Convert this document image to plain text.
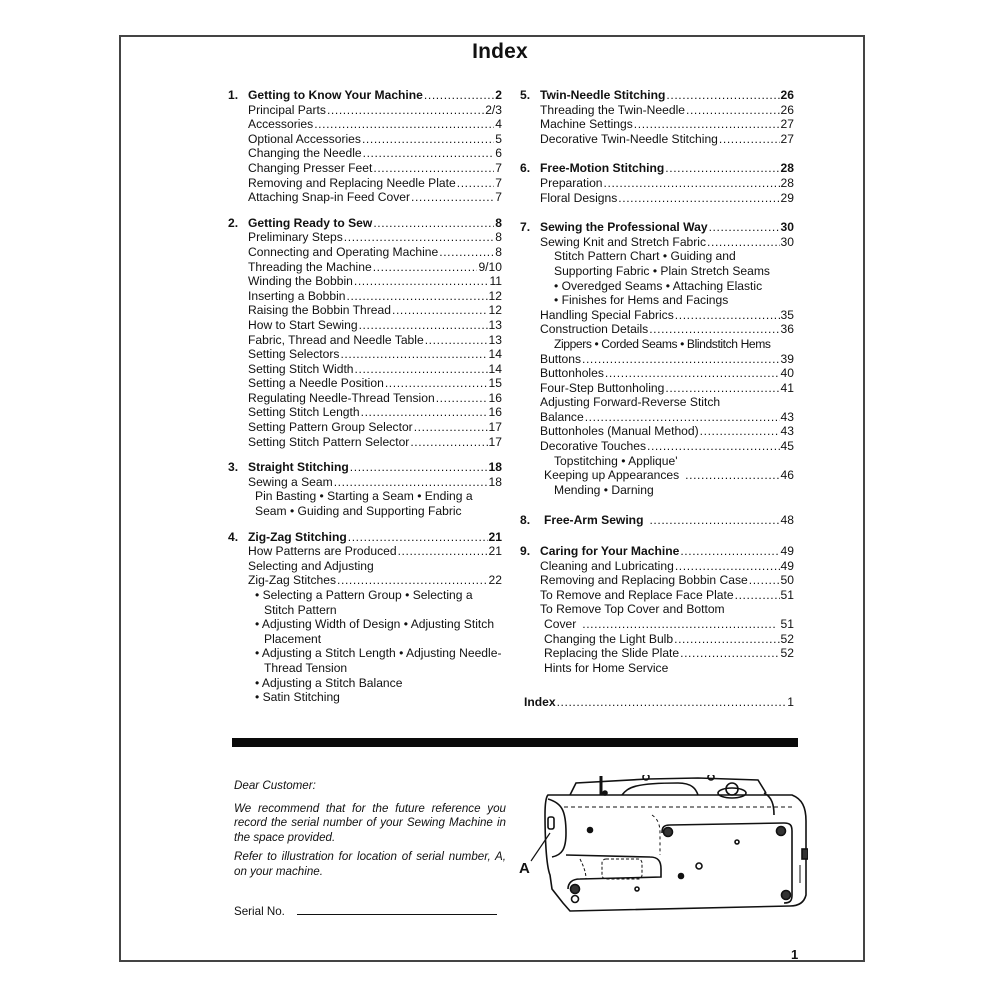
Index
1. Getting to Know Your Machine .....	2
Principal Parts .....	2/3
Accessories .....	4
Optional Accessories .....	5
Changing the Needle .....	6
Changing Presser Feet .....	7
Removing and Replacing Needle Plate .....	7
Attaching Snap-in Feed Cover .....	7
2. Getting Ready to Sew .....	8
Preliminary Steps .....	8
Connecting and Operating Machine .....	8
Threading the Machine .....	9/10
Winding the Bobbin .....	11
Inserting a Bobbin .....	12
Raising the Bobbin Thread .....	12
How to Start Sewing .....	13
Fabric, Thread and Needle Table .....	13
Setting Selectors .....	14
Setting Stitch Width .....	14
Setting a Needle Position .....	15
Regulating Needle-Thread Tension .....	16
Setting Stitch Length .....	16
Setting Pattern Group Selector .....	17
Setting Stitch Pattern Selector .....	17
3. Straight Stitching .....	18
Sewing a Seam .....	18
Pin Basting • Starting a Seam • Ending a Seam • Guiding and Supporting Fabric
4. Zig-Zag Stitching .....	21
How Patterns are Produced .....	21
Selecting and Adjusting
Zig-Zag Stitches .....	22
• Selecting a Pattern Group • Selecting a Stitch Pattern
• Adjusting Width of Design • Adjusting Stitch Placement
• Adjusting a Stitch Length • Adjusting Needle-Thread Tension
• Adjusting a Stitch Balance
• Satin Stitching
5. Twin-Needle Stitching .....	26
Threading the Twin-Needle .....	26
Machine Settings .....	27
Decorative Twin-Needle Stitching .....	27
6. Free-Motion Stitching .....	28
Preparation .....	28
Floral Designs .....	29
7. Sewing the Professional Way .....	30
Sewing Knit and Stretch Fabric .....	30
Stitch Pattern Chart • Guiding and
Supporting Fabric • Plain Stretch Seams
• Overedged Seams • Attaching Elastic
• Finishes for Hems and Facings
Handling Special Fabrics .....	35
Construction Details .....	36
Zippers • Corded Seams • Blindstitch Hems
Buttons .....	39
Buttonholes .....	40
Four-Step Buttonholing .....	41
Adjusting Forward-Reverse Stitch
Balance .....	43
Buttonholes (Manual Method) .....	43
Decorative Touches .....	45
Topstitching • Applique'
Keeping up Appearances .....	46
Mending • Darning
8.	Free-Arm Sewing .....	48
9. Caring for Your Machine .....	49
Cleaning and Lubricating .....	49
Removing and Replacing Bobbin Case .....	50
To Remove and Replace Face Plate .....	51
To Remove Top Cover and Bottom
Cover .....	51
Changing the Light Bulb .....	52
Replacing the Slide Plate .....	52
Hints for Home Service
Index .....	1

Dear Customer:

We recommend that for the future reference you record the serial number of your Sewing Machine in the space provided.

Refer to illustration for location of serial number, A, on your machine.

Serial No.
A
1
